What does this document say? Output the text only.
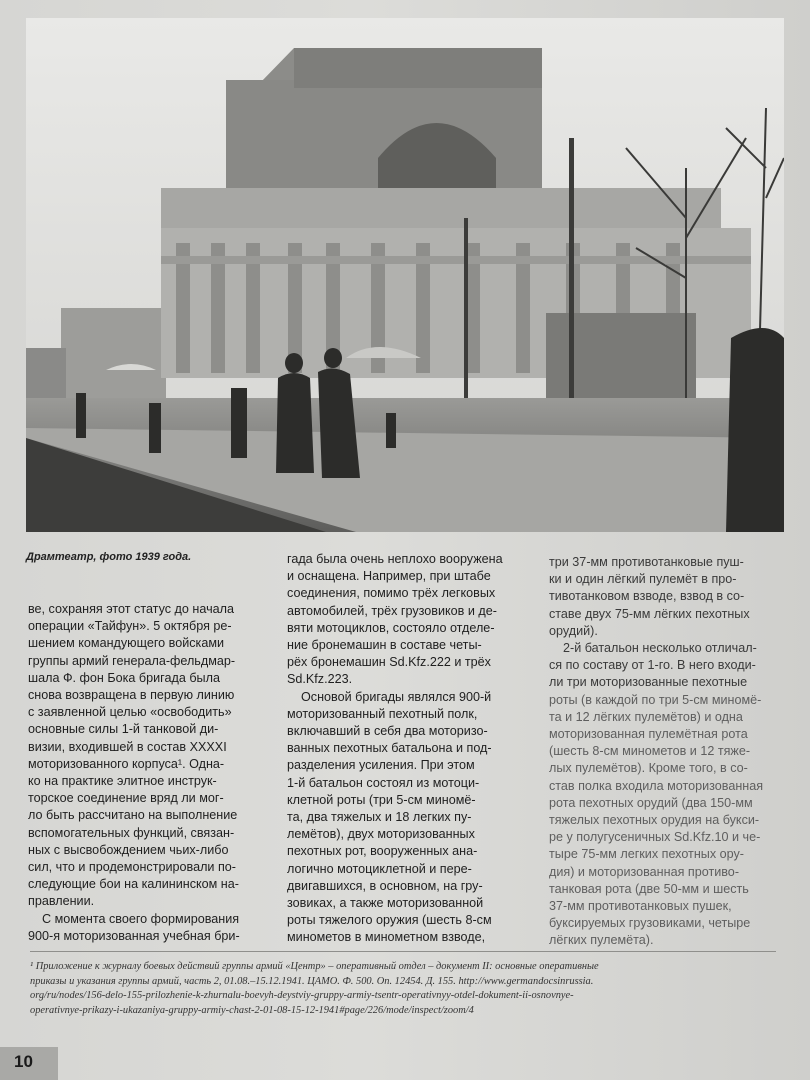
Драмтеатр, фото 1939 года.
ве, сохраняя этот статус до начала
операции «Тайфун». 5 октября ре-
шением командующего войсками
группы армий генерала-фельдмар-
шала Ф. фон Бока бригада была
снова возвращена в первую линию
с заявленной целью «освободить»
основные силы 1-й танковой ди-
визии, входившей в состав XXXXI
моторизованного корпуса¹. Одна-
ко на практике элитное инструк-
торское соединение вряд ли мог-
ло быть рассчитано на выполнение
вспомогательных функций, связан-
ных с высвобождением чьих-либо
сил, что и продемонстрировали по-
следующие бои на калининском на-
правлении.
С момента своего формирования
900-я моторизованная учебная бри-
гада была очень неплохо вооружена
и оснащена. Например, при штабе
соединения, помимо трёх легковых
автомобилей, трёх грузовиков и де-
вяти мотоциклов, состояло отделе-
ние бронемашин в составе четы-
рёх бронемашин Sd.Kfz.222 и трёх
Sd.Kfz.223.
Основой бригады являлся 900-й
моторизованный пехотный полк,
включавший в себя два моторизо-
ванных пехотных батальона и под-
разделения усиления. При этом
1-й батальон состоял из мотоци-
клетной роты (три 5-см миномё-
та, два тяжелых и 18 легких пу-
лемётов), двух моторизованных
пехотных рот, вооруженных ана-
логично мотоциклетной и пере-
двигавшихся, в основном, на гру-
зовиках, а также моторизованной
роты тяжелого оружия (шесть 8-см
минометов в минометном взводе,
три 37-мм противотанковые пуш-
ки и один лёгкий пулемёт в про-
тивотанковом взводе, взвод в со-
ставе двух 75-мм лёгких пехотных
орудий).
2-й батальон несколько отличал-
ся по составу от 1-го. В него входи-
ли три моторизованные пехотные
роты (в каждой по три 5-см миномё-
та и 12 лёгких пулемётов) и одна
моторизованная пулемётная рота
(шесть 8-см минометов и 12 тяже-
лых пулемётов). Кроме того, в со-
став полка входила моторизованная
рота пехотных орудий (два 150-мм
тяжелых пехотных орудия на букси-
ре у полугусеничных Sd.Kfz.10 и че-
тыре 75-мм легких пехотных ору-
дия) и моторизованная противо-
танковая рота (две 50-мм и шесть
37-мм противотанковых пушек,
буксируемых грузовиками, четыре
лёгких пулемёта).
¹ Приложение к журналу боевых действий группы армий «Центр» – оперативный отдел – документ II: основные оперативные
приказы и указания группы армий, часть 2, 01.08.–15.12.1941. ЦАМО. Ф. 500. Оп. 12454. Д. 155. http://www.germandocsinrussia.
org/ru/nodes/156-delo-155-prilozhenie-k-zhurnalu-boevyh-deystviy-gruppy-armiy-tsentr-operativnyy-otdel-dokument-ii-osnovnye-
operativnye-prikazy-i-ukazaniya-gruppy-armiy-chast-2-01-08-15-12-1941#page/226/mode/inspect/zoom/4
10
